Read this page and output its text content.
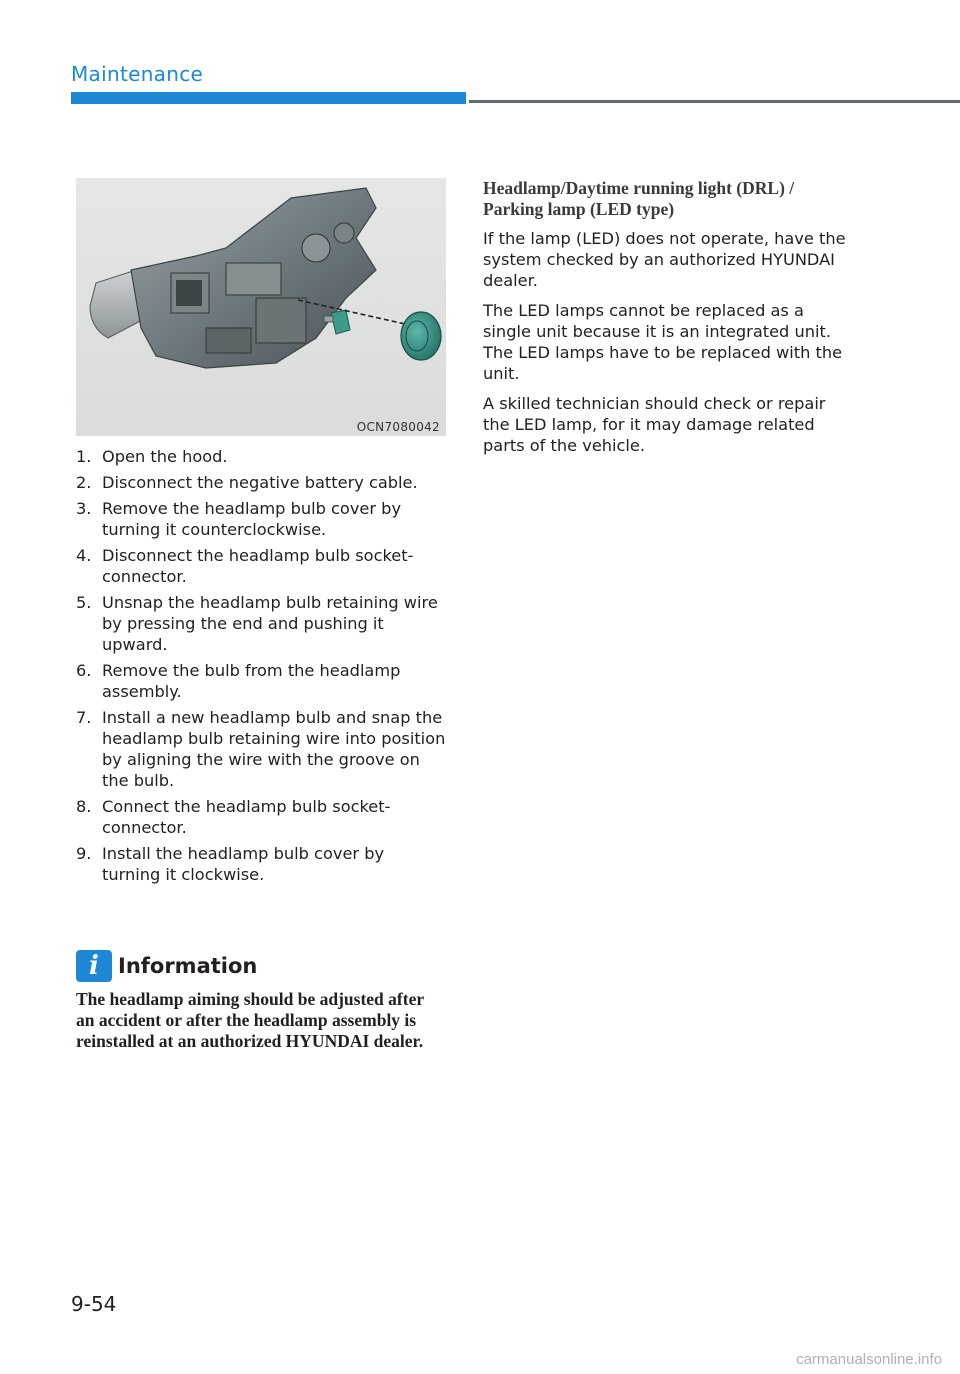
Maintenance
OCN7080042
1. Open the hood.
2. Disconnect the negative battery cable.
3. Remove the headlamp bulb cover by turning it counterclockwise.
4. Disconnect the headlamp bulb socket-connector.
5. Unsnap the headlamp bulb retaining wire by pressing the end and pushing it upward.
6. Remove the bulb from the headlamp assembly.
7. Install a new headlamp bulb and snap the headlamp bulb retaining wire into position by aligning the wire with the groove on the bulb.
8. Connect the headlamp bulb socket-connector.
9. Install the headlamp bulb cover by turning it clockwise.
i Information
The headlamp aiming should be adjusted after an accident or after the headlamp assembly is reinstalled at an authorized HYUNDAI dealer.
Headlamp/Daytime running light (DRL) / Parking lamp (LED type)

If the lamp (LED) does not operate, have the system checked by an authorized HYUNDAI dealer.

The LED lamps cannot be replaced as a single unit because it is an integrated unit. The LED lamps have to be replaced with the unit.

A skilled technician should check or repair the LED lamp, for it may damage related parts of the vehicle.

9-54
carmanualsonline.info
